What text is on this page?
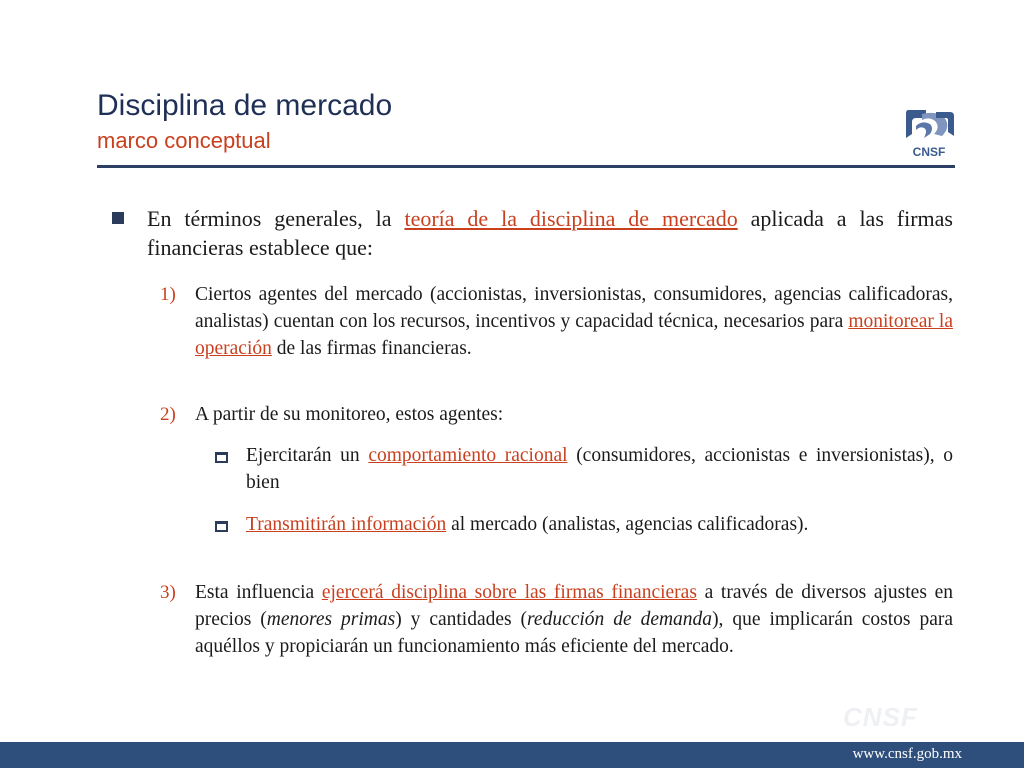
Disciplina de mercado
marco conceptual	CNSF
En términos generales, la teoría de la disciplina de mercado aplicada a las firmas financieras establece que:
1) Ciertos agentes del mercado (accionistas, inversionistas, consumidores, agencias calificadoras, analistas) cuentan con los recursos, incentivos y capacidad técnica, necesarios para monitorear la operación de las firmas financieras.
2) A partir de su monitoreo, estos agentes:
Ejercitarán un comportamiento racional (consumidores, accionistas e inversionistas), o bien
Transmitirán información al mercado (analistas, agencias calificadoras).
3) Esta influencia ejercerá disciplina sobre las firmas financieras a través de diversos ajustes en precios (menores primas) y cantidades (reducción de demanda), que implicarán costos para aquéllos y propiciarán un funcionamiento más eficiente del mercado.
CNSF
www.cnsf.gob.mx
